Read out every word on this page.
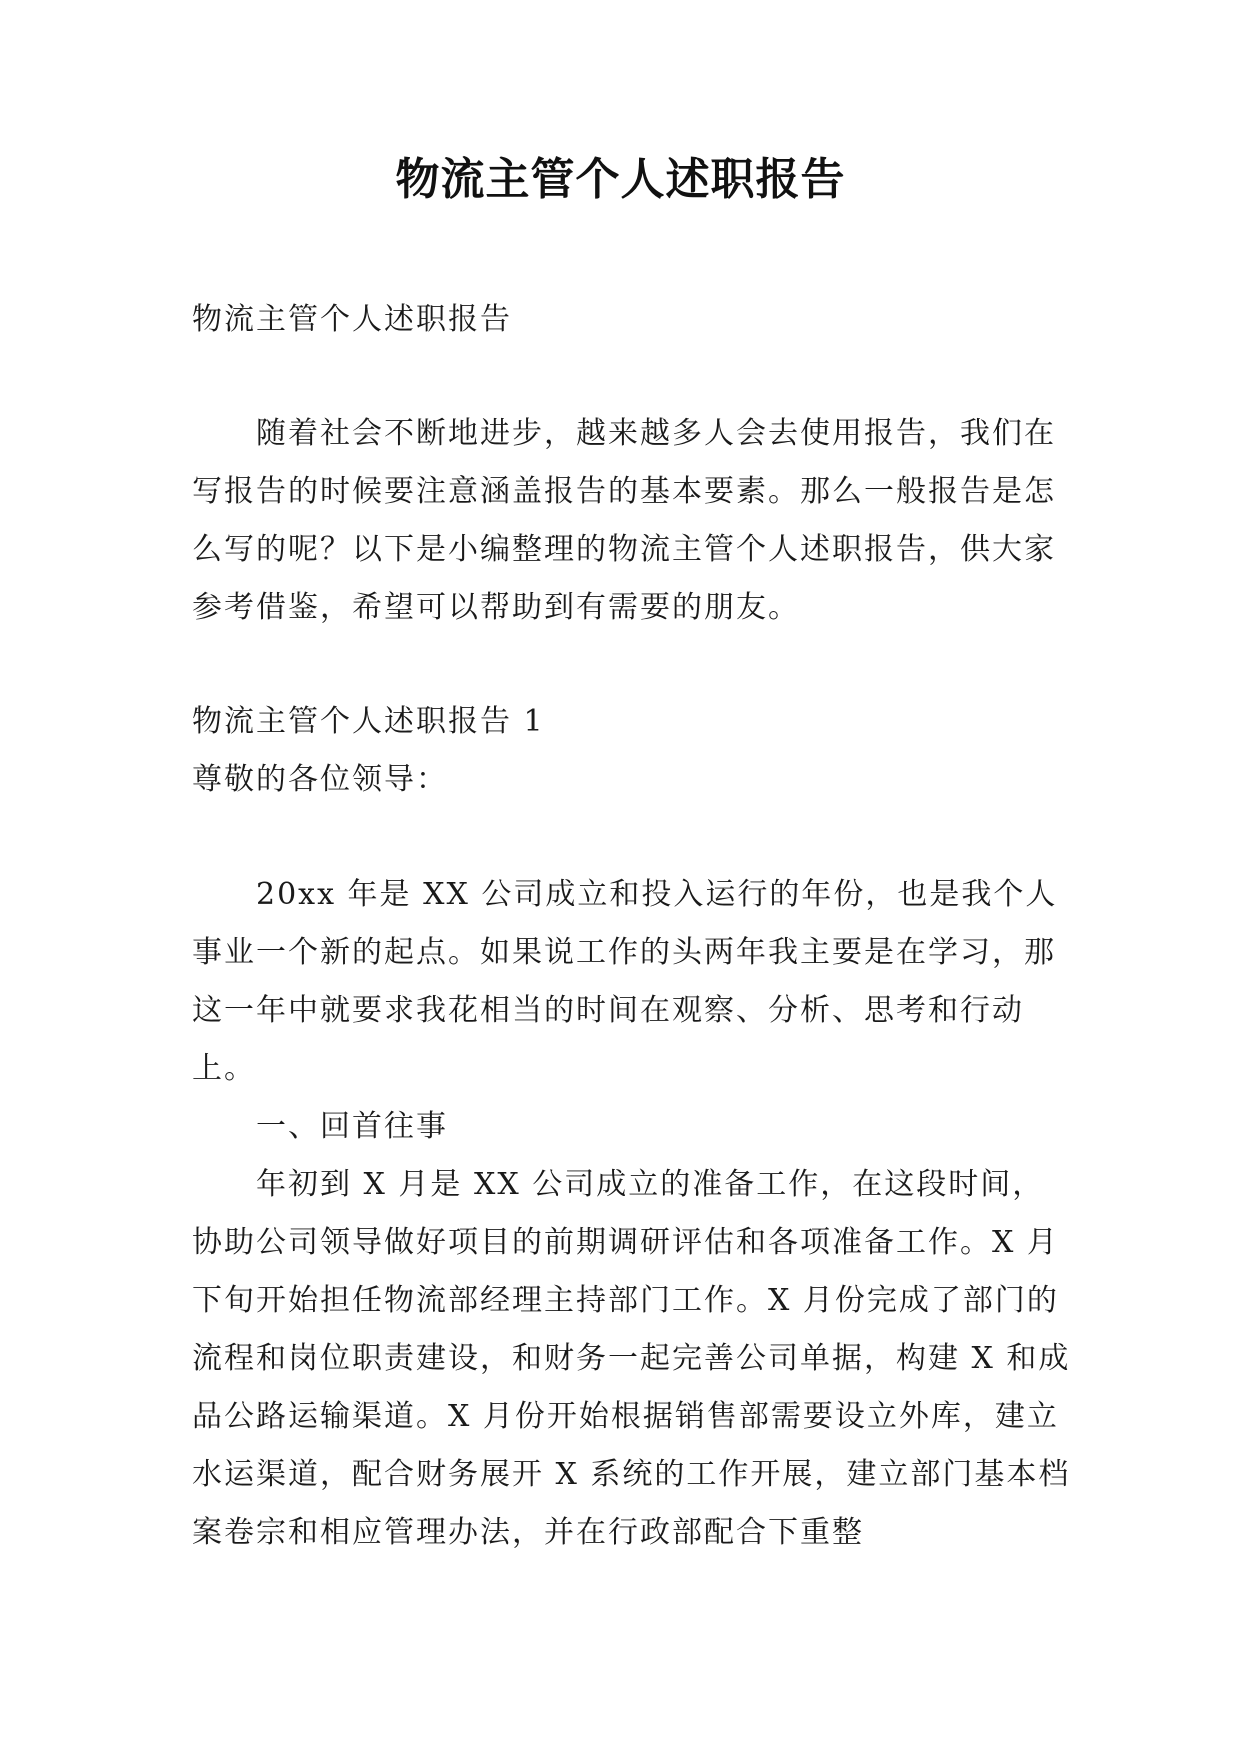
物流主管个人述职报告

物流主管个人述职报告

随着社会不断地进步，越来越多人会去使用报告，我们在写报告的时候要注意涵盖报告的基本要素。那么一般报告是怎么写的呢？以下是小编整理的物流主管个人述职报告，供大家参考借鉴，希望可以帮助到有需要的朋友。

物流主管个人述职报告 1

尊敬的各位领导：

20xx 年是 XX 公司成立和投入运行的年份，也是我个人事业一个新的起点。如果说工作的头两年我主要是在学习，那这一年中就要求我花相当的时间在观察、分析、思考和行动上。

一、回首往事

年初到 X 月是 XX 公司成立的准备工作，在这段时间，协助公司领导做好项目的前期调研评估和各项准备工作。X 月下旬开始担任物流部经理主持部门工作。X 月份完成了部门的流程和岗位职责建设，和财务一起完善公司单据，构建 X 和成品公路运输渠道。X 月份开始根据销售部需要设立外库，建立水运渠道，配合财务展开 X 系统的工作开展，建立部门基本档案卷宗和相应管理办法，并在行政部配合下重整
